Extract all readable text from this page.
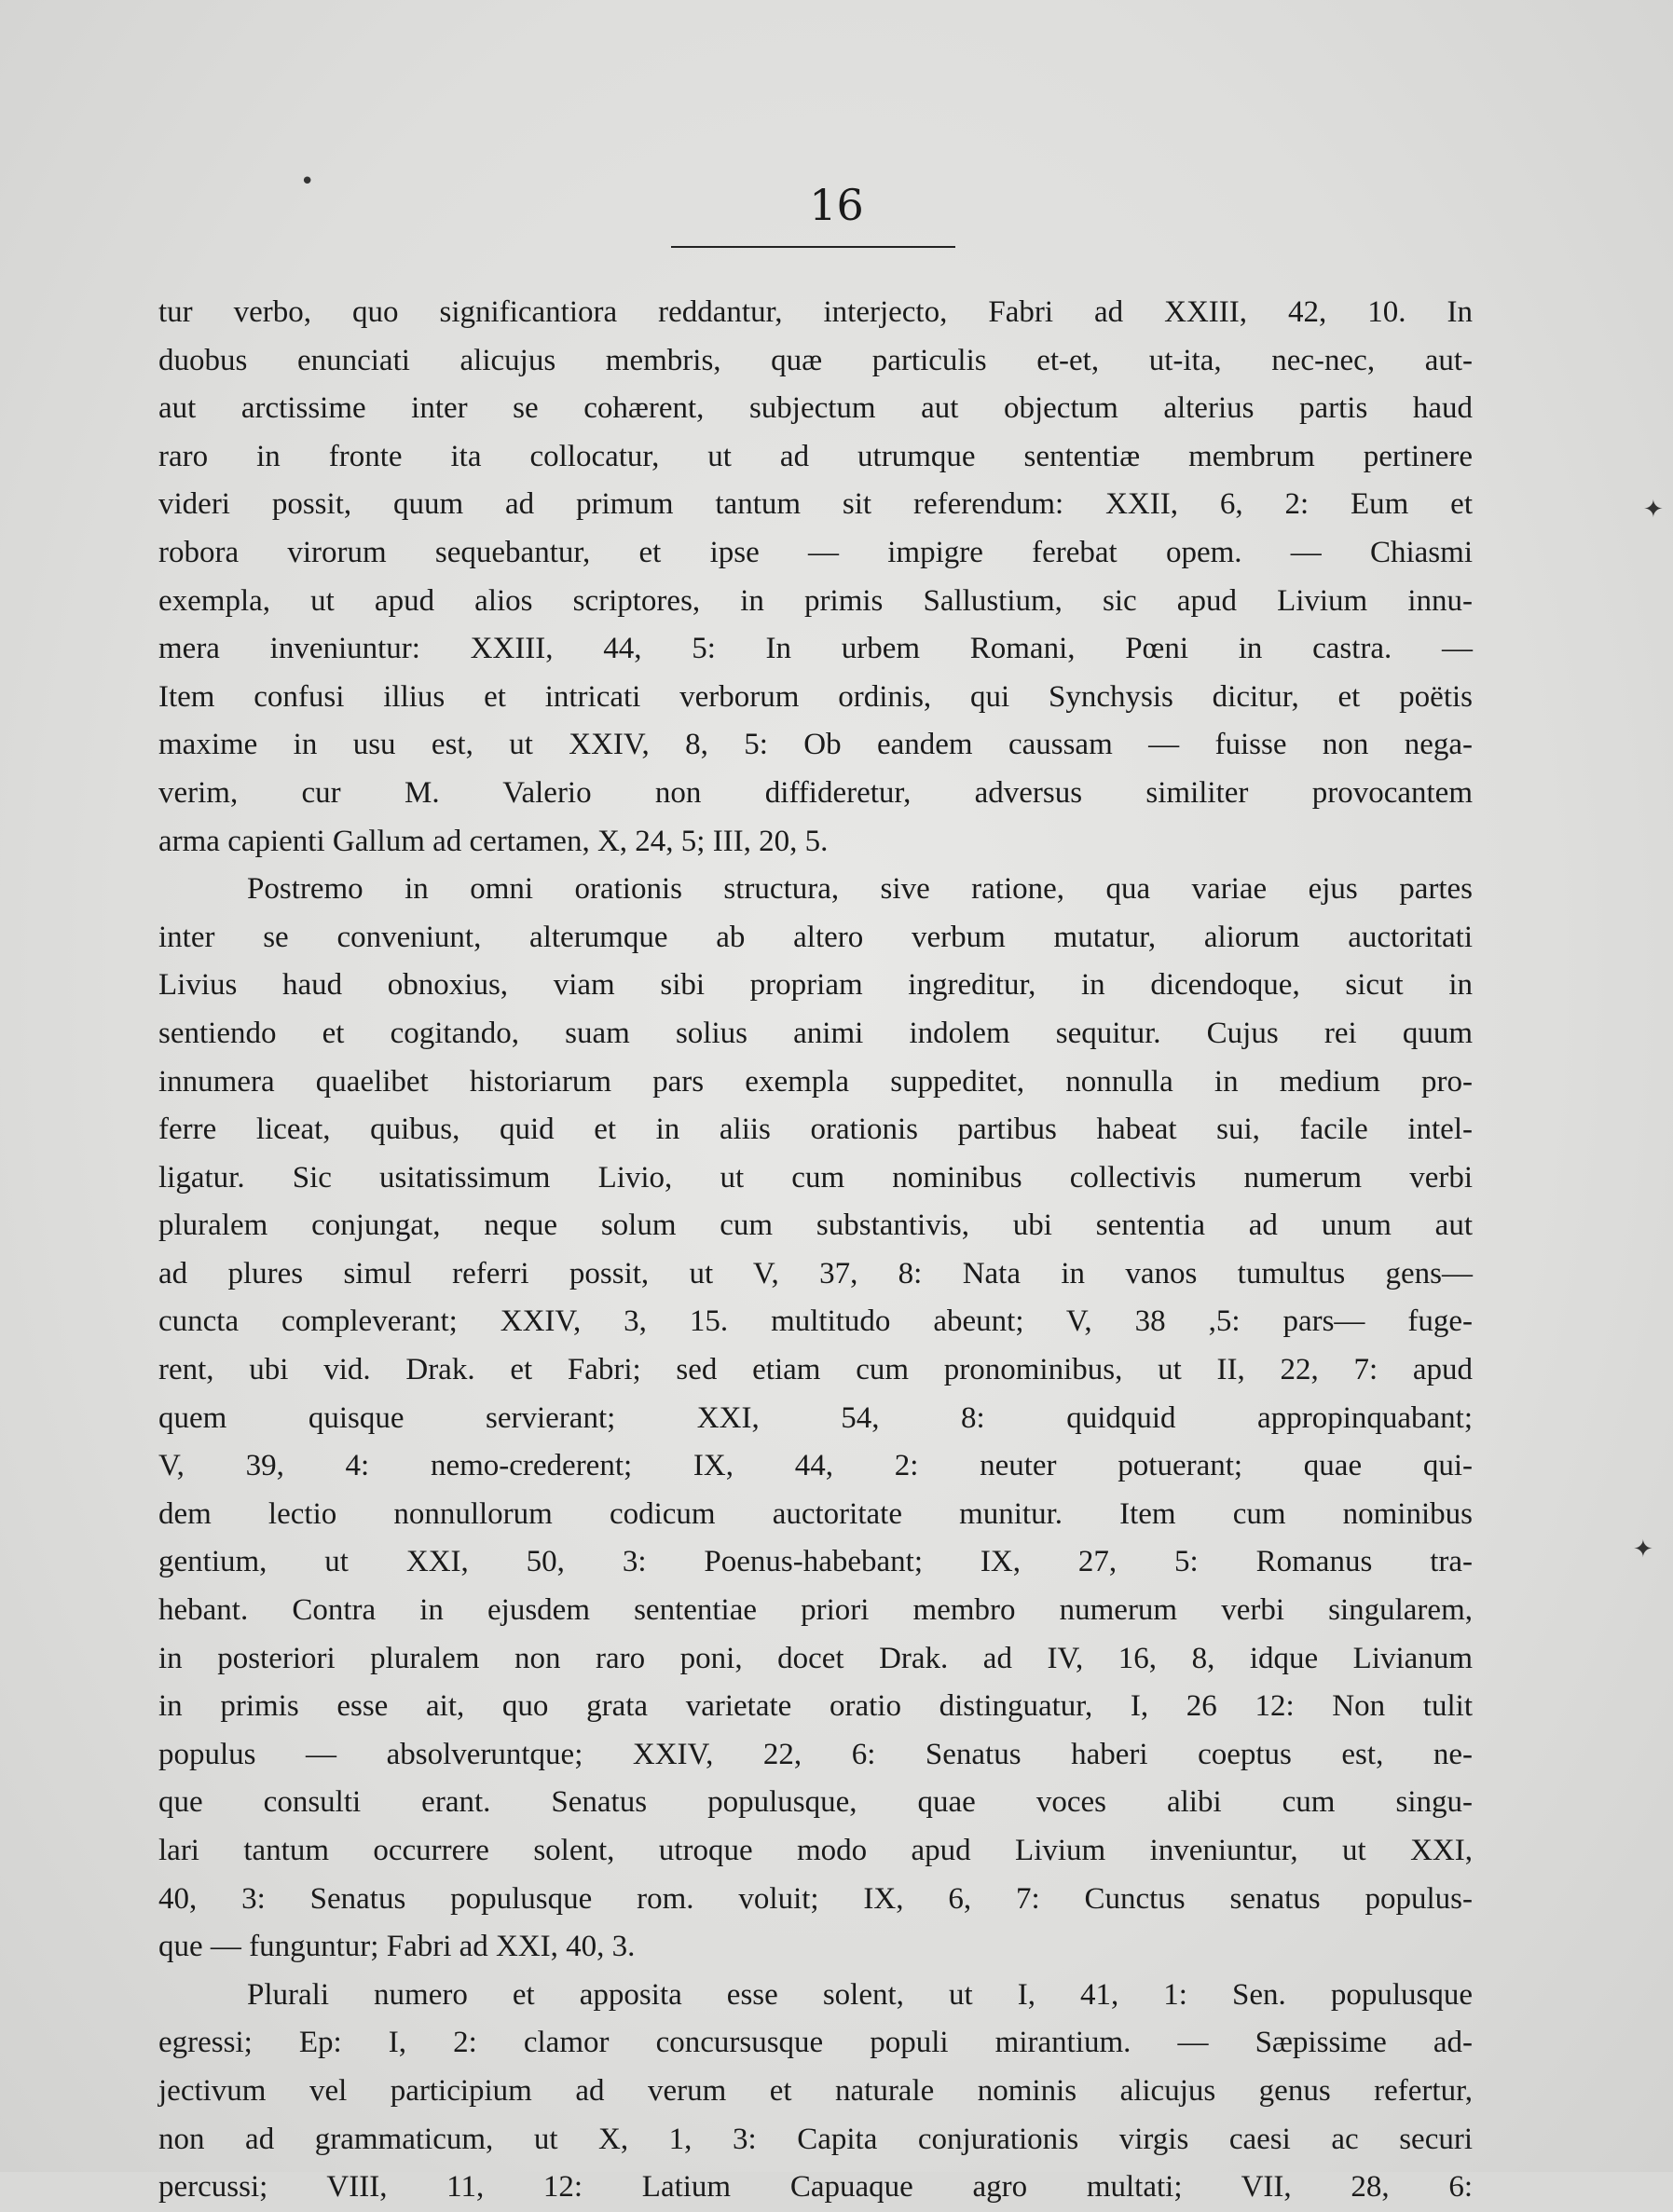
•	16
✦
✦
tur verbo, quo significantiora reddantur, interjecto, Fabri ad XXIII, 42, 10. In
duobus enunciati alicujus membris, quæ particulis et-et, ut-ita, nec-nec, aut-
aut arctissime inter se cohærent, subjectum aut objectum alterius partis haud
raro in fronte ita collocatur, ut ad utrumque sententiæ membrum pertinere
videri possit, quum ad primum tantum sit referendum: XXII, 6, 2: Eum et
robora virorum sequebantur, et ipse — impigre ferebat opem. — Chiasmi
exempla, ut apud alios scriptores, in primis Sallustium, sic apud Livium innu-
mera inveniuntur: XXIII, 44, 5: In urbem Romani, Pœni in castra. —
Item confusi illius et intricati verborum ordinis, qui Synchysis dicitur, et poëtis
maxime in usu est, ut XXIV, 8, 5: Ob eandem caussam — fuisse non nega-
verim, cur M. Valerio non diffideretur, adversus similiter provocantem
arma capienti Gallum ad certamen, X, 24, 5; III, 20, 5.
Postremo in omni orationis structura, sive ratione, qua variae ejus partes
inter se conveniunt, alterumque ab altero verbum mutatur, aliorum auctoritati
Livius haud obnoxius, viam sibi propriam ingreditur, in dicendoque, sicut in
sentiendo et cogitando, suam solius animi indolem sequitur. Cujus rei quum
innumera quaelibet historiarum pars exempla suppeditet, nonnulla in medium pro-
ferre liceat, quibus, quid et in aliis orationis partibus habeat sui, facile intel-
ligatur. Sic usitatissimum Livio, ut cum nominibus collectivis numerum verbi
pluralem conjungat, neque solum cum substantivis, ubi sententia ad unum aut
ad plures simul referri possit, ut V, 37, 8: Nata in vanos tumultus gens—
cuncta compleverant; XXIV, 3, 15. multitudo abeunt; V, 38 ,5: pars— fuge-
rent, ubi vid. Drak. et Fabri; sed etiam cum pronominibus, ut II, 22, 7: apud
quem quisque servierant; XXI, 54, 8: quidquid appropinquabant;
V, 39, 4: nemo-crederent; IX, 44, 2: neuter potuerant; quae qui-
dem lectio nonnullorum codicum auctoritate munitur. Item cum nominibus
gentium, ut XXI, 50, 3: Poenus-habebant; IX, 27, 5: Romanus tra-
hebant. Contra in ejusdem sententiae priori membro numerum verbi singularem,
in posteriori pluralem non raro poni, docet Drak. ad IV, 16, 8, idque Livianum
in primis esse ait, quo grata varietate oratio distinguatur, I, 26 12: Non tulit
populus — absolveruntque; XXIV, 22, 6: Senatus haberi coeptus est, ne-
que consulti erant. Senatus populusque, quae voces alibi cum singu-
lari tantum occurrere solent, utroque modo apud Livium inveniuntur, ut XXI,
40, 3: Senatus populusque rom. voluit; IX, 6, 7: Cunctus senatus populus-
que — funguntur; Fabri ad XXI, 40, 3.
Plurali numero et apposita esse solent, ut I, 41, 1: Sen. populusque
egressi; Ep: I, 2: clamor concursusque populi mirantium. — Sæpissime ad-
jectivum vel participium ad verum et naturale nominis alicujus genus refertur,
non ad grammaticum, ut X, 1, 3: Capita conjurationis virgis caesi ac securi
percussi; VIII, 11, 12: Latium Capuaque agro multati; VII, 28, 6:
